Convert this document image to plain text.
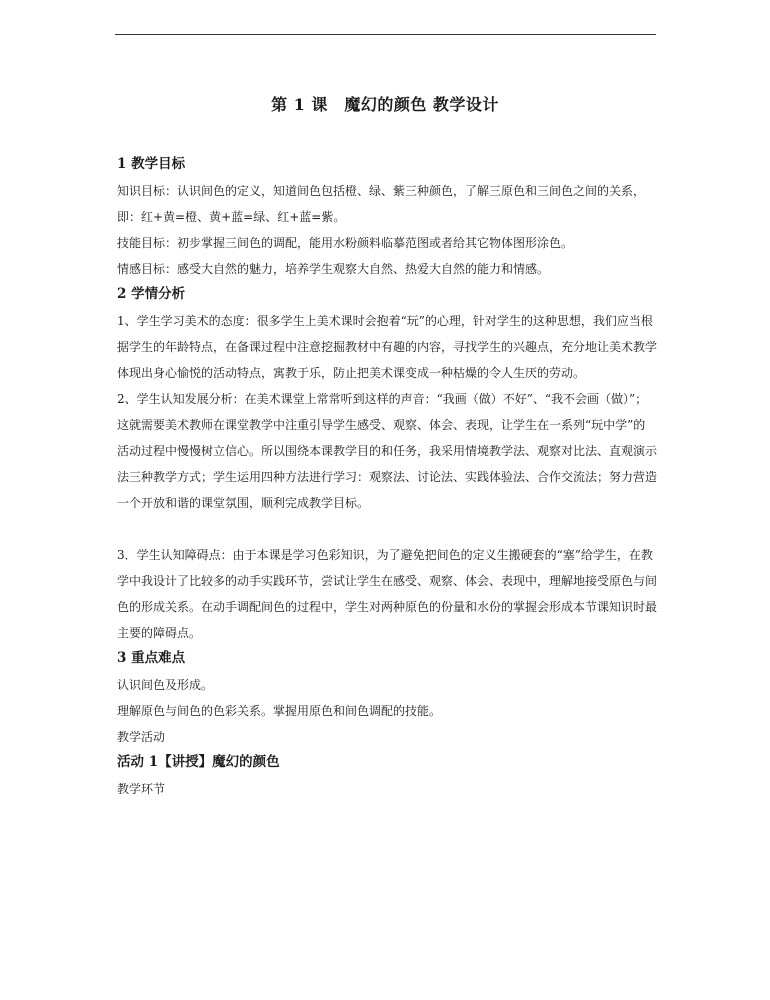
第 1 课　魔幻的颜色 教学设计
1 教学目标

知识目标：认识间色的定义，知道间色包括橙、绿、紫三种颜色，了解三原色和三间色之间的关系，即：红+黄=橙、黄+蓝=绿、红+蓝=紫。

技能目标：初步掌握三间色的调配，能用水粉颜料临摹范图或者给其它物体图形涂色。

情感目标：感受大自然的魅力，培养学生观察大自然、热爱大自然的能力和情感。

2 学情分析

1、学生学习美术的态度：很多学生上美术课时会抱着“玩”的心理，针对学生的这种思想，我们应当根据学生的年龄特点，在备课过程中注意挖掘教材中有趣的内容，寻找学生的兴趣点，充分地让美术教学体现出身心愉悦的活动特点，寓教于乐，防止把美术课变成一种枯燥的令人生厌的劳动。

2、学生认知发展分析：在美术课堂上常常听到这样的声音：“我画（做）不好”、“我不会画（做）”；这就需要美术教师在课堂教学中注重引导学生感受、观察、体会、表现，让学生在一系列“玩中学”的活动过程中慢慢树立信心。所以围绕本课教学目的和任务，我采用情境教学法、观察对比法、直观演示法三种教学方式；学生运用四种方法进行学习：观察法、讨论法、实践体验法、合作交流法；努力营造一个开放和谐的课堂氛围，顺利完成教学目标。

3．学生认知障碍点：由于本课是学习色彩知识，为了避免把间色的定义生搬硬套的“塞”给学生，在教学中我设计了比较多的动手实践环节，尝试让学生在感受、观察、体会、表现中，理解地接受原色与间色的形成关系。在动手调配间色的过程中，学生对两种原色的份量和水份的掌握会形成本节课知识时最主要的障碍点。

3 重点难点

认识间色及形成。

理解原色与间色的色彩关系。掌握用原色和间色调配的技能。

教学活动

活动 1【讲授】魔幻的颜色

教学环节
